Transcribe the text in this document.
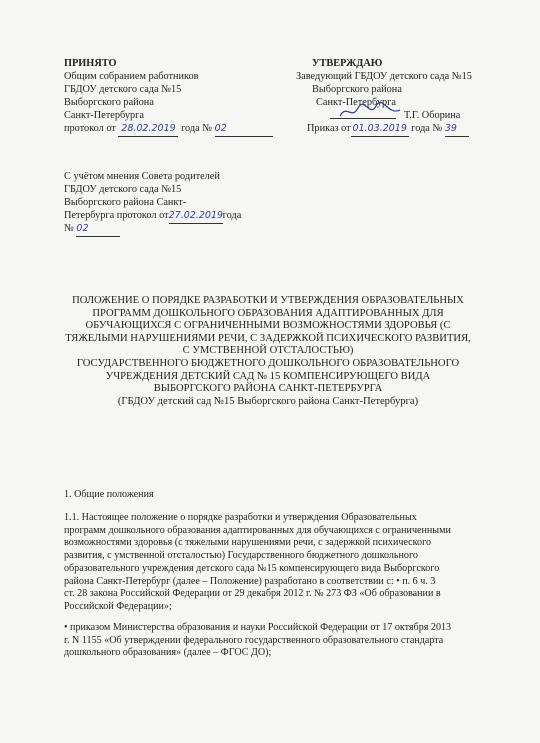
ПРИНЯТО
Общим собранием работников
ГБДОУ детского сада №15
Выборгского района
Санкт-Петербурга
протокол от 28.02.2019 года № 02
УТВЕРЖДАЮ
Заведующий ГБДОУ детского сада №15
Выборгского района
Санкт-Петербурга
Т.Г. Оборина
Приказ от 01.03.2019 года № 39
С учётом мнения Совета родителей
ГБДОУ детского сада №15
Выборгского района Санкт-
Петербурга протокол от27.02.2019года
№ 02
ПОЛОЖЕНИЕ О ПОРЯДКЕ РАЗРАБОТКИ И УТВЕРЖДЕНИЯ ОБРАЗОВАТЕЛЬНЫХ
ПРОГРАММ ДОШКОЛЬНОГО ОБРАЗОВАНИЯ АДАПТИРОВАННЫХ ДЛЯ
ОБУЧАЮЩИХСЯ С ОГРАНИЧЕННЫМИ ВОЗМОЖНОСТЯМИ ЗДОРОВЬЯ (С
ТЯЖЕЛЫМИ НАРУШЕНИЯМИ РЕЧИ, С ЗАДЕРЖКОЙ ПСИХИЧЕСКОГО РАЗВИТИЯ,
С УМСТВЕННОЙ ОТСТАЛОСТЬЮ)
ГОСУДАРСТВЕННОГО БЮДЖЕТНОГО ДОШКОЛЬНОГО ОБРАЗОВАТЕЛЬНОГО
УЧРЕЖДЕНИЯ ДЕТСКИЙ САД № 15 КОМПЕНСИРУЮЩЕГО ВИДА
ВЫБОРГСКОГО РАЙОНА САНКТ-ПЕТЕРБУРГА
(ГБДОУ детский сад №15 Выборгского района Санкт-Петербурга)
1. Общие положения
1.1. Настоящее положение о порядке разработки и утверждения Образовательных
программ дошкольного образования адаптированных для обучающихся с ограниченными
возможностями здоровья (с тяжелыми нарушениями речи, с задержкой психического
развития, с умственной отсталостью) Государственного бюджетного дошкольного
образовательного учреждения детского сада №15 компенсирующего вида Выборгского
района Санкт-Петербург (далее – Положение) разработано в соответствии с: • п. 6 ч. 3
ст. 28 закона Российской Федерации от 29 декабря 2012 г. № 273 ФЗ «Об образовании в
Российской Федерации»;
• приказом Министерства образования и науки Российской Федерации от 17 октября 2013
г. N 1155 «Об утверждении федерального государственного образовательного стандарта
дошкольного образования» (далее – ФГОС ДО);
